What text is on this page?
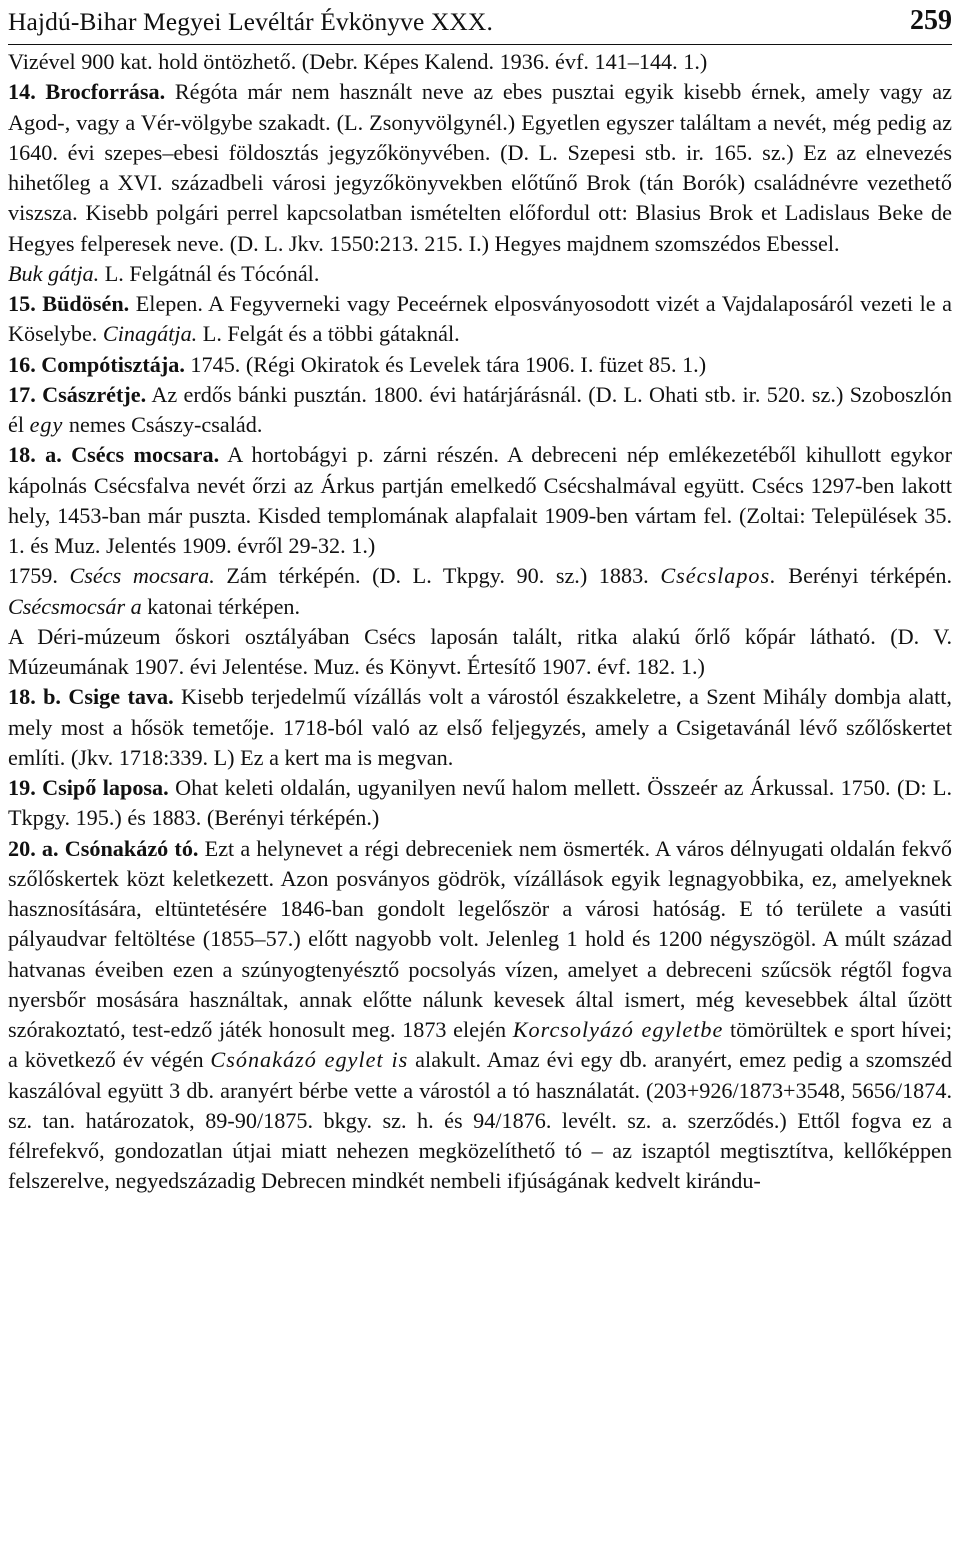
Hajdú-Bihar Megyei Levéltár Évkönyve XXX.	259

Vizével 900 kat. hold öntözhető. (Debr. Képes Kalend. 1936. évf. 141–144. 1.)

14. Brocforrása. Régóta már nem használt neve az ebes pusztai egyik kisebb érnek, amely vagy az Agod-, vagy a Vér-völgybe szakadt. (L. Zsonyvölgynél.) Egyetlen egyszer találtam a nevét, még pedig az 1640. évi szepes–ebesi földosztás jegyzőkönyvében. (D. L. Szepesi stb. ir. 165. sz.) Ez az elnevezés hihetőleg a XVI. századbeli városi jegyzőkönyvekben előtűnő Brok (tán Borók) családnévre vezethető viszsza. Kisebb polgári perrel kapcsolatban ismételten előfordul ott: Blasius Brok et Ladislaus Beke de Hegyes felperesek neve. (D. L. Jkv. 1550:213. 215. I.) Hegyes majdnem szomszédos Ebessel.

Buk gátja. L. Felgátnál és Tócónál.

15. Büdösén. Elepen. A Fegyverneki vagy Peceérnek elposványosodott vizét a Vajdalaposáról vezeti le a Köselybe. Cinagátja. L. Felgát és a többi gátaknál.

16. Compótisztája. 1745. (Régi Okiratok és Levelek tára 1906. I. füzet 85. 1.)

17. Császrétje. Az erdős bánki pusztán. 1800. évi határjárásnál. (D. L. Ohati stb. ir. 520. sz.) Szoboszlón él egy nemes Császy-család.

18. a. Csécs mocsara. A hortobágyi p. zárni részén. A debreceni nép emlékezetéből kihullott egykor kápolnás Csécsfalva nevét őrzi az Árkus partján emelkedő Csécshalmával együtt. Csécs 1297-ben lakott hely, 1453-ban már puszta. Kisded templomának alapfalait 1909-ben vártam fel. (Zoltai: Települések 35. 1. és Muz. Jelentés 1909. évről 29-32. 1.)

1759. Csécs mocsara. Zám térképén. (D. L. Tkpgy. 90. sz.) 1883. Csécslapos. Berényi térképén. Csécsmocsár a katonai térképen.

A Déri-múzeum őskori osztályában Csécs laposán talált, ritka alakú őrlő kőpár látható. (D. V. Múzeumának 1907. évi Jelentése. Muz. és Könyvt. Értesítő 1907. évf. 182. 1.)

18. b. Csige tava. Kisebb terjedelmű vízállás volt a várostól északkeletre, a Szent Mihály dombja alatt, mely most a hősök temetője. 1718-ból való az első feljegyzés, amely a Csigetavánál lévő szőlőskertet említi. (Jkv. 1718:339. L) Ez a kert ma is megvan.

19. Csipő laposa. Ohat keleti oldalán, ugyanilyen nevű halom mellett. Összeér az Árkussal. 1750. (D: L. Tkpgy. 195.) és 1883. (Berényi térképén.)

20. a. Csónakázó tó. Ezt a helynevet a régi debreceniek nem ösmerték. A város délnyugati oldalán fekvő szőlőskertek közt keletkezett. Azon posványos gödrök, vízállások egyik legnagyobbika, ez, amelyeknek hasznosítására, eltüntetésére 1846-ban gondolt legelőször a városi hatóság. E tó területe a vasúti pályaudvar feltöltése (1855–57.) előtt nagyobb volt. Jelenleg 1 hold és 1200 négyszögöl. A múlt század hatvanas éveiben ezen a szúnyogtenyésztő pocsolyás vízen, amelyet a debreceni szűcsök régtől fogva nyersbőr mosására használtak, annak előtte nálunk kevesek által ismert, még kevesebbek által űzött szórakoztató, test-edző játék honosult meg. 1873 elején Korcsolyázó egyletbe tömörültek e sport hívei; a következő év végén Csónakázó egylet is alakult. Amaz évi egy db. aranyért, emez pedig a szomszéd kaszálóval együtt 3 db. aranyért bérbe vette a várostól a tó használatát. (203+926/1873+3548, 5656/1874. sz. tan. határozatok, 89-90/1875. bkgy. sz. h. és 94/1876. levélt. sz. a. szerződés.) Ettől fogva ez a félrefekvő, gondozatlan útjai miatt nehezen megközelíthető tó – az iszaptól megtisztítva, kellőképpen felszerelve, negyedszázadig Debrecen mindkét nembeli ifjúságának kedvelt kirándu-
